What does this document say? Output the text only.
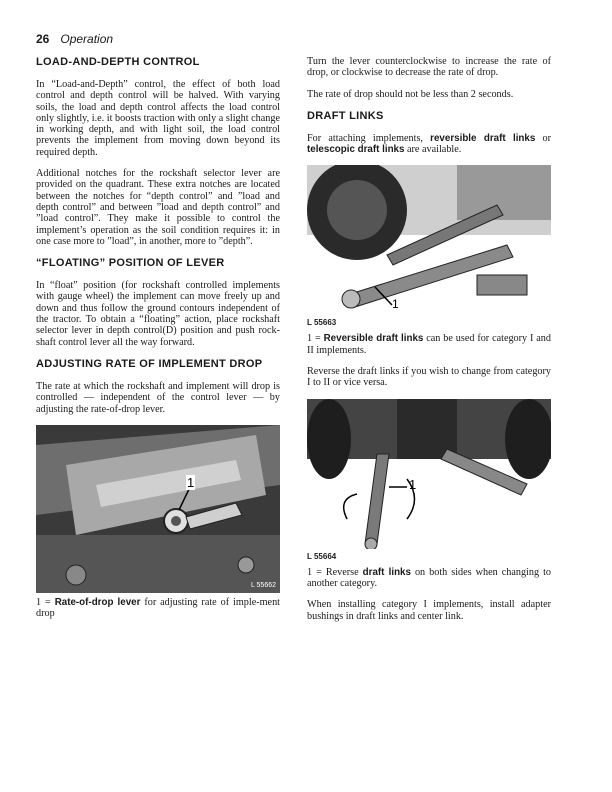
26 Operation
LOAD-AND-DEPTH CONTROL

In “Load-and-Depth” control, the effect of both load control and depth control will be halved. With varying soils, the load and depth control affects the load control only slightly, i.e. it boosts traction with only a slight change in working depth, and with light soil, the load control prevents the implement from moving down beyond its required depth.

Additional notches for the rockshaft selector lever are provided on the quadrant. These extra notches are located between the notches for “depth control” and ”load and depth control” and between ”load and depth control” and ”load control”. They make it possible to control the implement’s operation as the soil condition requires it: in one case more to ”load”, in another, more to ”depth”.

“FLOATING” POSITION OF LEVER

In “float” position (for rockshaft controlled implements with gauge wheel) the implement can move freely up and down and thus follow the ground contours independent of the tractor. To obtain a “floating” action, place rockshaft selector lever in depth control(D) position and push rock-shaft control lever all the way forward.

ADJUSTING RATE OF IMPLEMENT DROP

The rate at which the rockshaft and implement will drop is controlled — independent of the control lever — by adjusting the rate-of-drop lever.

1
L 55662

1 = Rate-of-drop lever for adjusting rate of imple-ment drop

Turn the lever counterclockwise to increase the rate of drop, or clockwise to decrease the rate of drop.

The rate of drop should not be less than 2 seconds.

DRAFT LINKS

For attaching implements, reversible draft links or telescopic draft links are available.

1
L 55663

1 = Reversible draft links can be used for category I and II implements.

Reverse the draft links if you wish to change from category I to II or vice versa.

1
L 55664

1 = Reverse draft links on both sides when changing to another category.

When installing category I implements, install adapter bushings in draft links and center link.
